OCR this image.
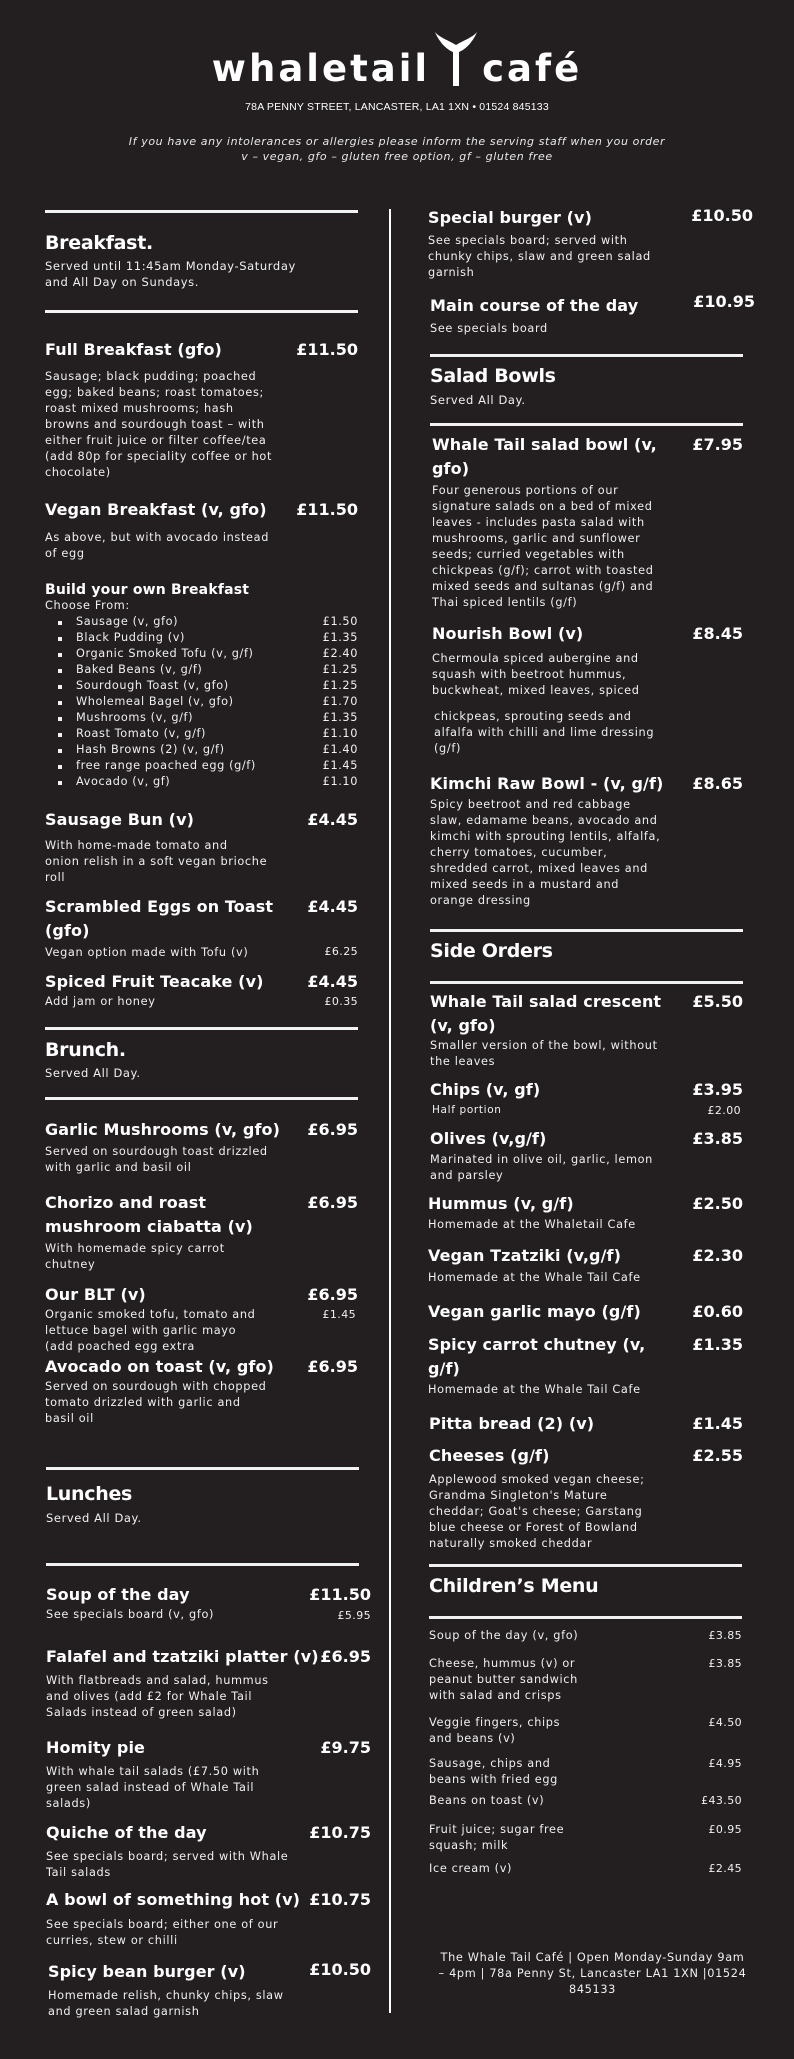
whaletail café
78A PENNY STREET, LANCASTER, LA1 1XN • 01524 845133
If you have any intolerances or allergies please inform the serving staff when you order
v – vegan, gfo – gluten free option, gf – gluten free
Breakfast.
Served until 11:45am Monday-Saturday
and All Day on Sundays.
Full Breakfast (gfo)	£11.50
Sausage; black pudding; poached
egg; baked beans; roast tomatoes;
roast mixed mushrooms; hash
browns and sourdough toast – with
either fruit juice or filter coffee/tea
(add 80p for speciality coffee or hot
chocolate)
Vegan Breakfast (v, gfo)	£11.50
As above, but with avocado instead
of egg
Build your own Breakfast
Choose From:
Sausage (v, gfo)	£1.50
Black Pudding (v)	£1.35
Organic Smoked Tofu (v, g/f)	£2.40
Baked Beans (v, g/f)	£1.25
Sourdough Toast (v, gfo)	£1.25
Wholemeal Bagel (v, gfo)	£1.70
Mushrooms (v, g/f)	£1.35
Roast Tomato (v, g/f)	£1.10
Hash Browns (2) (v, g/f)	£1.40
free range poached egg (g/f)	£1.45
Avocado (v, gf)	£1.10
Sausage Bun (v)	£4.45
With home-made tomato and
onion relish in a soft vegan brioche
roll
Scrambled Eggs on Toast
(gfo)
£4.45
Vegan option made with Tofu (v)	£6.25
Spiced Fruit Teacake (v)	£4.45
Add jam or honey	£0.35
Brunch.
Served All Day.
Garlic Mushrooms (v, gfo)	£6.95
Served on sourdough toast drizzled
with garlic and basil oil
Chorizo and roast
mushroom ciabatta (v)
£6.95
With homemade spicy carrot
chutney
Our BLT (v)	£6.95
£1.45
Organic smoked tofu, tomato and
lettuce bagel with garlic mayo
(add poached egg extra
Avocado on toast (v, gfo)	£6.95
Served on sourdough with chopped
tomato drizzled with garlic and
basil oil
Lunches
Served All Day.
Soup of the day	£11.50
See specials board (v, gfo)	£5.95
Falafel and tzatziki platter (v) £6.95
With flatbreads and salad, hummus
and olives (add £2 for Whale Tail
Salads instead of green salad)
Homity pie	£9.75
With whale tail salads (£7.50 with
green salad instead of Whale Tail
salads)
Quiche of the day	£10.75
See specials board; served with Whale
Tail salads
A bowl of something hot (v) £10.75
See specials board; either one of our
curries, stew or chilli
Spicy bean burger (v)	£10.50
Homemade relish, chunky chips, slaw
and green salad garnish
Special burger (v)	£10.50
See specials board; served with
chunky chips, slaw and green salad
garnish
Main course of the day	£10.95
See specials board
Salad Bowls
Served All Day.
Whale Tail salad bowl (v,
gfo)
£7.95
Four generous portions of our
signature salads on a bed of mixed
leaves - includes pasta salad with
mushrooms, garlic and sunflower
seeds; curried vegetables with
chickpeas (g/f); carrot with toasted
mixed seeds and sultanas (g/f) and
Thai spiced lentils (g/f)
Nourish Bowl (v)	£8.45
Chermoula spiced aubergine and
squash with beetroot hummus,
buckwheat, mixed leaves, spiced
chickpeas, sprouting seeds and
alfalfa with chilli and lime dressing
(g/f)
Kimchi Raw Bowl - (v, g/f)	£8.65
Spicy beetroot and red cabbage
slaw, edamame beans, avocado and
kimchi with sprouting lentils, alfalfa,
cherry tomatoes, cucumber,
shredded carrot, mixed leaves and
mixed seeds in a mustard and
orange dressing
Side Orders
Whale Tail salad crescent
(v, gfo)
£5.50
Smaller version of the bowl, without
the leaves
Chips (v, gf)	£3.95
Half portion	£2.00
Olives (v,g/f)	£3.85
Marinated in olive oil, garlic, lemon
and parsley
Hummus (v, g/f)	£2.50
Homemade at the Whaletail Cafe
Vegan Tzatziki (v,g/f)	£2.30
Homemade at the Whale Tail Cafe
Vegan garlic mayo (g/f)	£0.60
Spicy carrot chutney (v,
g/f)
£1.35
Homemade at the Whale Tail Cafe
Pitta bread (2) (v)	£1.45
Cheeses (g/f)	£2.55
Applewood smoked vegan cheese;
Grandma Singleton's Mature
cheddar; Goat's cheese; Garstang
blue cheese or Forest of Bowland
naturally smoked cheddar
Children’s Menu
Soup of the day (v, gfo)	£3.85
Cheese, hummus (v) or
peanut butter sandwich
with salad and crisps
£3.85
Veggie fingers, chips
and beans (v)
£4.50
Sausage, chips and
beans with fried egg
£4.95
Beans on toast (v)	£43.50
Fruit juice; sugar free
squash; milk
£0.95
Ice cream (v)	£2.45
The Whale Tail Café | Open Monday-Sunday 9am
– 4pm | 78a Penny St, Lancaster LA1 1XN |01524
845133
